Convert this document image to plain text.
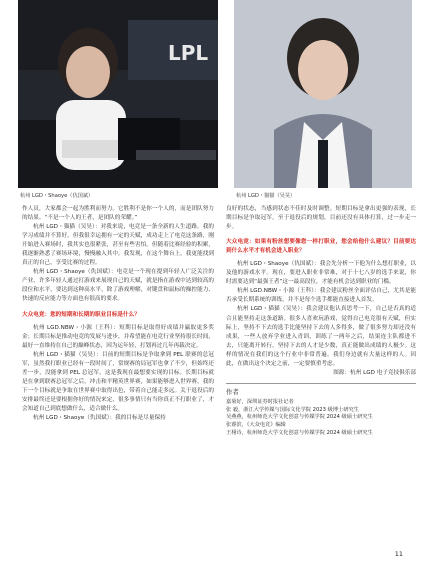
LPL
杭州 LGD・Shaoye（仇国斌）	杭州 LGD・猫猫（吴昊）

作人员，大家都会一起为胜利而努力。它胜利不是你一个人的，而是团队努力的结果。“不是一个人的王者，是团队的荣耀。”

杭州 LGD・猫猫（吴昊）：对我来说，电竞是一条全新的人生道路。我的学习成绩并不算好，但我很幸运拥有一定的天赋，成功走上了电竞这条路，刚开始进入赛场时，我其实也很紧张，甚至有些害怕。但随着比赛经验的积累，我逐渐熟悉了赛场环境，慢慢融入其中。我发现，在这个舞台上，我更能找到真正的自己，享受比赛的过程。

杭州 LGD・Shaoye（仇国斌）：电竞是一个现在提到年轻人广泛关注的产业，许多年轻人通过打游戏来展现自己的天赋，就是指在游戏中达到较高的段位和水平，要达到这种高水平，除了游戏理解，对键盘和鼠标的操控能力、快速的反应能力等方面也有很高的要求。

大众电竞：您的短期和长期的职业目标是什么？

杭州 LGD.NBW・小源（王科）：短期目标是取得好成绩并赢取更多奖金；长期目标是推动电竞的发展与进步，并希望能在电竞行业坚持很长时间，最好一直维持在自己的巅峰状态，因为运年轻，打划再过几年再载决定。

杭州 LGD・猫猫（吴昊）：目前的短期目标是争取拿到 PEL 联赛的总冠军，虽然我打职业已经有一段时间了，常规赛的局冠军也拿了不少，但始终还差一步，没能拿到 PEL 总冠军，这是我现在最想要实现的目标。长期目标就是在拿到联赛总冠军之后，冲击和平精英世界赛，如果能够进入世界赛，我的下一个目标就是争取在世界赛中取得出色，带着自己能走多远。关于退役后的安排最终还是要根据你好的情况来定，很多事情只有当你真正不打职业了，才会知道自己到底想做什么，适合做什么。

杭州 LGD・Shaoye（仇国斌）：我的目标是尽量保持

良好的状态，当感到状态不佳时及时调整。短期目标是拿出更强的表现，长期目标是争取冠军，至于退役后的规划，目前还没有具体打算，过一步走一步。

大众电竞：如果有粉丝想要像您一样打职业，您会给他什么建议？目前要达到什么水平才有机会进入职业？

杭州 LGD・Shaoye（仇国斌）：我会先分析一下他为什么想打职业，以及他的游戏水平。现在，要进入职业非常难，对于十七八岁的选手来说，你时需要达到“最强王者”这一最高段位，才能有机会达到职业的门槛。

杭州 LGD.NBW・小源（王科）：我会建议粉丝全面评估自己，尤其是能否承受长期系统的训练，并不是每个选手都能直接进入首发。

杭州 LGD・猫猫（吴昊）：我会建议他认真思考一下，自己是否真的适合且能坚持走这条道路。很多人喜欢玩游戏，觉得自己电竞很有天赋，但实际上，坚持不下去的选手比能坚持下去的人多得多，做了很多努力却还没有成果，一些人放弃学业进入青训，训练了一两年之后，结果连主队都进不去，只能离开转行。坚持下去的人才是少数，真正能做出成绩的人极少。这样的情况在我们的这个行业中非常普遍。我们身边就有大量这样的人。因此，在做出这个决定之前，一定要慎重考虑。

图源：杭州 LGD 电子竞技俱乐部

作者
嘉菊好，深圳证券时报社记者
张 毅，浙江大学传媒与国际文化学院 2023 级博士研究生
吴燕燕，杭州师范大学文化创意与传媒学院 2024 级硕士研究生
张睿滨，《大众电竞》编辑
王栩诗，杭州师范大学文化创意与传媒学院 2024 级硕士研究生
11
